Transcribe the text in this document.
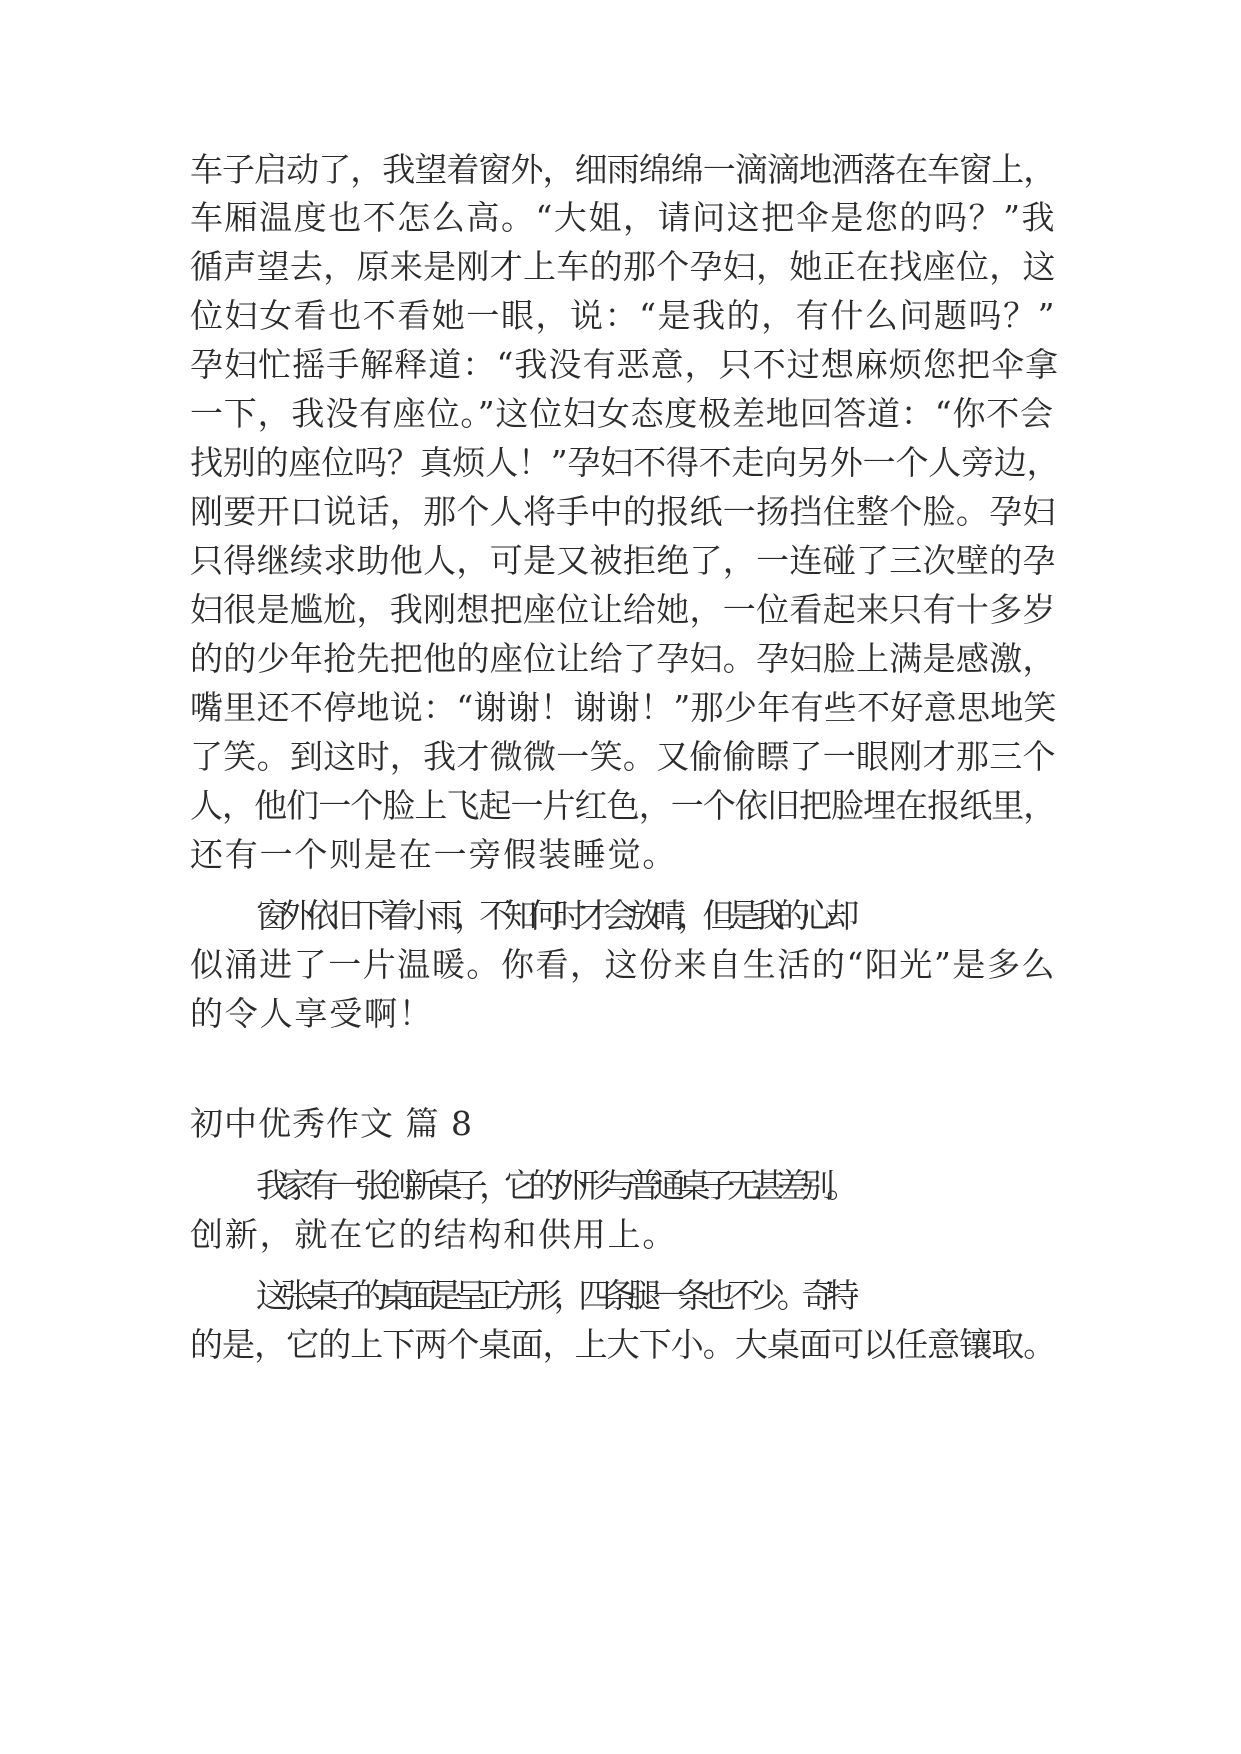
车子启动了，我望着窗外，细雨绵绵一滴滴地洒落在车窗上，
车厢温度也不怎么高。“大姐，请问这把伞是您的吗？”我
循声望去，原来是刚才上车的那个孕妇，她正在找座位，这
位妇女看也不看她一眼，说：“是我的，有什么问题吗？”
孕妇忙摇手解释道：“我没有恶意，只不过想麻烦您把伞拿
一下，我没有座位。”这位妇女态度极差地回答道：“你不会
找别的座位吗？真烦人！”孕妇不得不走向另外一个人旁边，
刚要开口说话，那个人将手中的报纸一扬挡住整个脸。孕妇
只得继续求助他人，可是又被拒绝了，一连碰了三次壁的孕
妇很是尴尬，我刚想把座位让给她，一位看起来只有十多岁
的的少年抢先把他的座位让给了孕妇。孕妇脸上满是感激，
嘴里还不停地说：“谢谢！谢谢！”那少年有些不好意思地笑
了笑。到这时，我才微微一笑。又偷偷瞟了一眼刚才那三个
人，他们一个脸上飞起一片红色，一个依旧把脸埋在报纸里，
还有一个则是在一旁假装睡觉。
窗外依旧下着小雨，不知何时才会放晴，但是我的心却
似涌进了一片温暖。你看，这份来自生活的“阳光”是多么
的令人享受啊！
初中优秀作文 篇 8
我家有一张创新桌子，它的外形与普通桌子无甚差别。
创新，就在它的结构和供用上。
这张桌子的桌面是呈正方形，四条腿一条也不少。奇特
的是，它的上下两个桌面，上大下小。大桌面可以任意镶取。
